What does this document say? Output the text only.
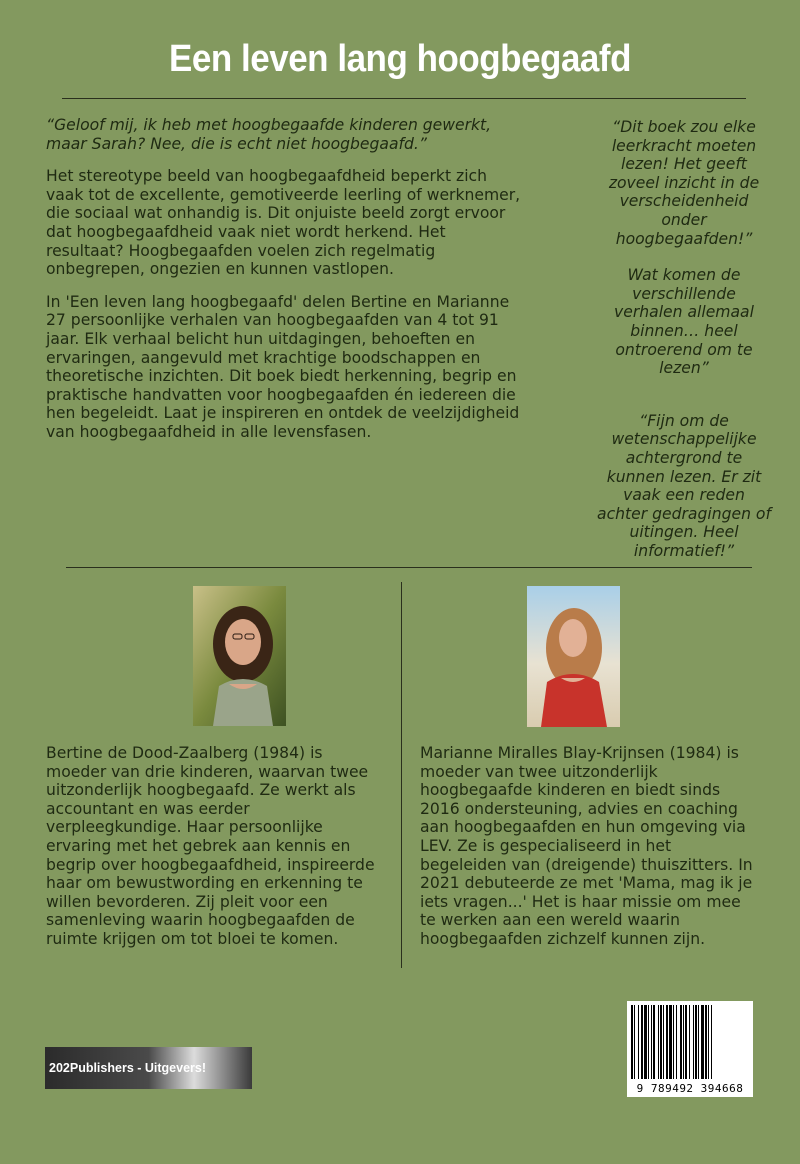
Een leven lang hoogbegaafd

“Geloof mij, ik heb met hoogbegaafde kinderen gewerkt, maar Sarah? Nee, die is echt niet hoogbegaafd.”

Het stereotype beeld van hoogbegaafdheid beperkt zich vaak tot de excellente, gemotiveerde leerling of werknemer, die sociaal wat onhandig is. Dit onjuiste beeld zorgt ervoor dat hoogbegaafdheid vaak niet wordt herkend. Het resultaat? Hoogbegaafden voelen zich regelmatig onbegrepen, ongezien en kunnen vastlopen.

In 'Een leven lang hoogbegaafd' delen Bertine en Marianne 27 persoonlijke verhalen van hoogbegaafden van 4 tot 91 jaar. Elk verhaal belicht hun uitdagingen, behoeften en ervaringen, aangevuld met krachtige boodschappen en theoretische inzichten. Dit boek biedt herkenning, begrip en praktische handvatten voor hoogbegaafden én iedereen die hen begeleidt. Laat je inspireren en ontdek de veelzijdigheid van hoogbegaafdheid in alle levensfasen.

“Dit boek zou elke leerkracht moeten lezen! Het geeft zoveel inzicht in de verscheidenheid onder hoogbegaafden!”

Wat komen de verschillende verhalen allemaal binnen… heel ontroerend om te lezen”

“Fijn om de wetenschappelijke achtergrond te kunnen lezen. Er zit vaak een reden achter gedragingen of uitingen. Heel informatief!”

Bertine de Dood-Zaalberg (1984) is moeder van drie kinderen, waarvan twee uitzonderlijk hoogbegaafd. Ze werkt als accountant en was eerder verpleegkundige. Haar persoonlijke ervaring met het gebrek aan kennis en begrip over hoogbegaafdheid, inspireerde haar om bewustwording en erkenning te willen bevorderen. Zij pleit voor een samenleving waarin hoogbegaafden de ruimte krijgen om tot bloei te komen.
Marianne Miralles Blay-Krijnsen (1984) is moeder van twee uitzonderlijk hoogbegaafde kinderen en biedt sinds 2016 ondersteuning, advies en coaching aan hoogbegaafden en hun omgeving via LEV. Ze is gespecialiseerd in het begeleiden van (dreigende) thuiszitters. In 2021 debuteerde ze met 'Mama, mag ik je iets vragen...' Het is haar missie om mee te werken aan een wereld waarin hoogbegaafden zichzelf kunnen zijn.
202Publishers - Uitgevers!
9 789492 394668
